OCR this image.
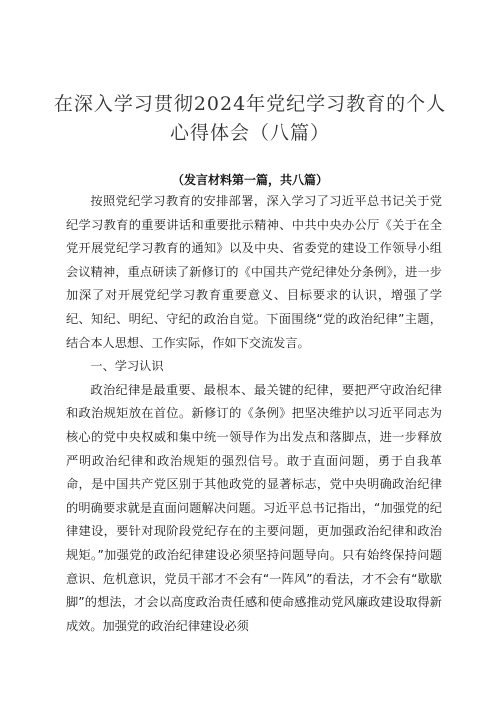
在深入学习贯彻2024年党纪学习教育的个人心得体会（八篇）
（发言材料第一篇，共八篇）

按照党纪学习教育的安排部署，深入学习了习近平总书记关于党纪学习教育的重要讲话和重要批示精神、中共中央办公厅《关于在全党开展党纪学习教育的通知》以及中央、省委党的建设工作领导小组会议精神，重点研读了新修订的《中国共产党纪律处分条例》，进一步加深了对开展党纪学习教育重要意义、目标要求的认识，增强了学纪、知纪、明纪、守纪的政治自觉。下面围绕“党的政治纪律”主题，结合本人思想、工作实际，作如下交流发言。

一、学习认识

政治纪律是最重要、最根本、最关键的纪律，要把严守政治纪律和政治规矩放在首位。新修订的《条例》把坚决维护以习近平同志为核心的党中央权威和集中统一领导作为出发点和落脚点，进一步释放严明政治纪律和政治规矩的强烈信号。敢于直面问题，勇于自我革命，是中国共产党区别于其他政党的显著标志，党中央明确政治纪律的明确要求就是直面问题解决问题。习近平总书记指出，“加强党的纪律建设，要针对现阶段党纪存在的主要问题，更加强政治纪律和政治规矩。”加强党的政治纪律建设必须坚持问题导向。只有始终保持问题意识、危机意识，党员干部才不会有“一阵风”的看法，才不会有“歇歇脚”的想法，才会以高度政治责任感和使命感推动党风廉政建设取得新成效。加强党的政治纪律建设必须
